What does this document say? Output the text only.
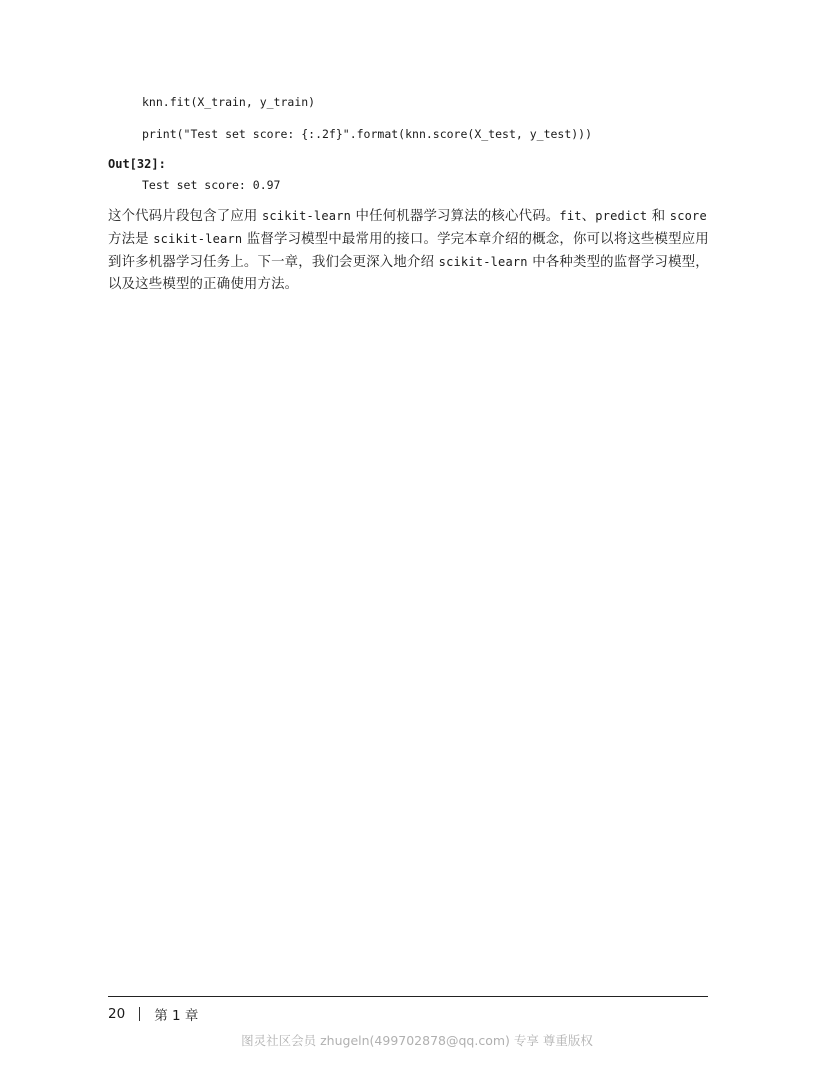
knn.fit(X_train, y_train)
print("Test set score: {:.2f}".format(knn.score(X_test, y_test)))
Out[32]:
Test set score: 0.97
这个代码片段包含了应用 scikit-learn 中任何机器学习算法的核心代码。fit、predict 和 score 方法是 scikit-learn 监督学习模型中最常用的接口。学完本章介绍的概念，你可以将这些模型应用到许多机器学习任务上。下一章，我们会更深入地介绍 scikit-learn 中各种类型的监督学习模型，以及这些模型的正确使用方法。
20 第 1 章
图灵社区会员 zhugeln(499702878@qq.com) 专享 尊重版权
